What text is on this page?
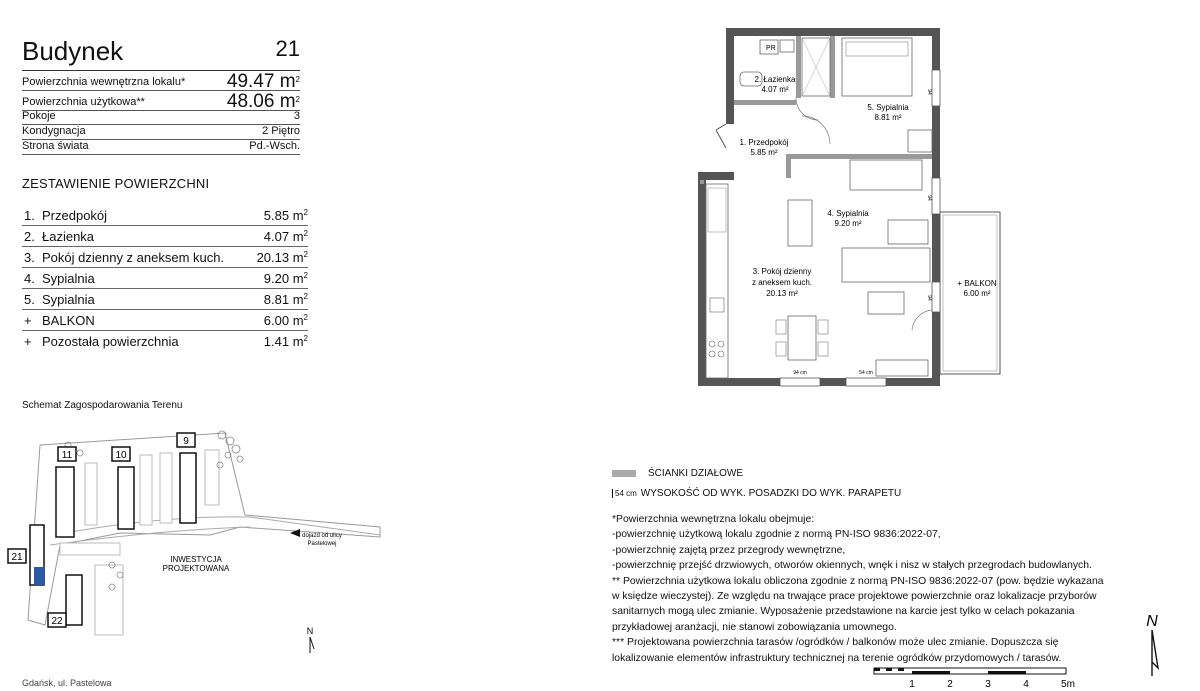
Budynek	21
Powierzchnia wewnętrzna lokalu* 49.47 $m^2$
Powierzchnia użytkowa**	48.06 $m^2$
Pokoje	3
Kondygnacja	2 Piętro
Strona świata	Pd.-Wsch.
ZESTAWIENIE POWIERZCHNI
1. Przedpokój	5.85 $m^2$
2. Łazienka	4.07 $m^2$
3. Pokój dzienny z aneksem kuch. 20.13 $m^2$
4. Sypialnia	9.20 $m^2$
5. Sypialnia	8.81 $m^2$
+ BALKON	6.00 $m^2$
+ Pozostała powierzchnia	1.41 $m^2$
Schemat Zagospodarowania Terenu
11	10
9
21
22
INWESTYCJA
PROJEKTOWANA
dojazd od ulicy
Pastelowej
N
Gdańsk, ul. Pastelowa
PR
2. Łazienka
4.07 m²
5. Sypialnia
8.81 m²
1. Przedpokój
5.85 m²
4. Sypialnia
9.20 m²
3. Pokój dzienny
z aneksem kuch.
20.13 m²
+ BALKON
6.00 m²
94 cm	54 cm
94
94
94
ŚCIANKI DZIAŁOWE
54 cm WYSOKOŚĆ OD WYK. POSADZKI DO WYK. PARAPETU
*Powierzchnia wewnętrzna lokalu obejmuje:
-powierzchnię użytkową lokalu zgodnie z normą PN-ISO 9836:2022-07,
-powierzchnię zajętą przez przegrody wewnętrzne,
-powierzchnię przejść drzwiowych, otworów okiennych, wnęk i nisz w stałych przegrodach budowlanych.
** Powierzchnia użytkowa lokalu obliczona zgodnie z normą PN-ISO 9836:2022-07 (pow. będzie wykazana
w księdze wieczystej). Ze względu na trwające prace projektowe powierzchnie oraz lokalizacje przyborów
sanitarnych mogą ulec zmianie. Wyposażenie przedstawione na karcie jest tylko w celach pokazania
przykładowej aranżacji, nie stanowi zobowiązania umownego.
*** Projektowana powierzchnia tarasów /ogródków / balkonów może ulec zmianie. Dopuszcza się
lokalizowanie elementów infrastruktury technicznej na terenie ogródków przydomowych / tarasów.
1	2	3	4	5m
N
